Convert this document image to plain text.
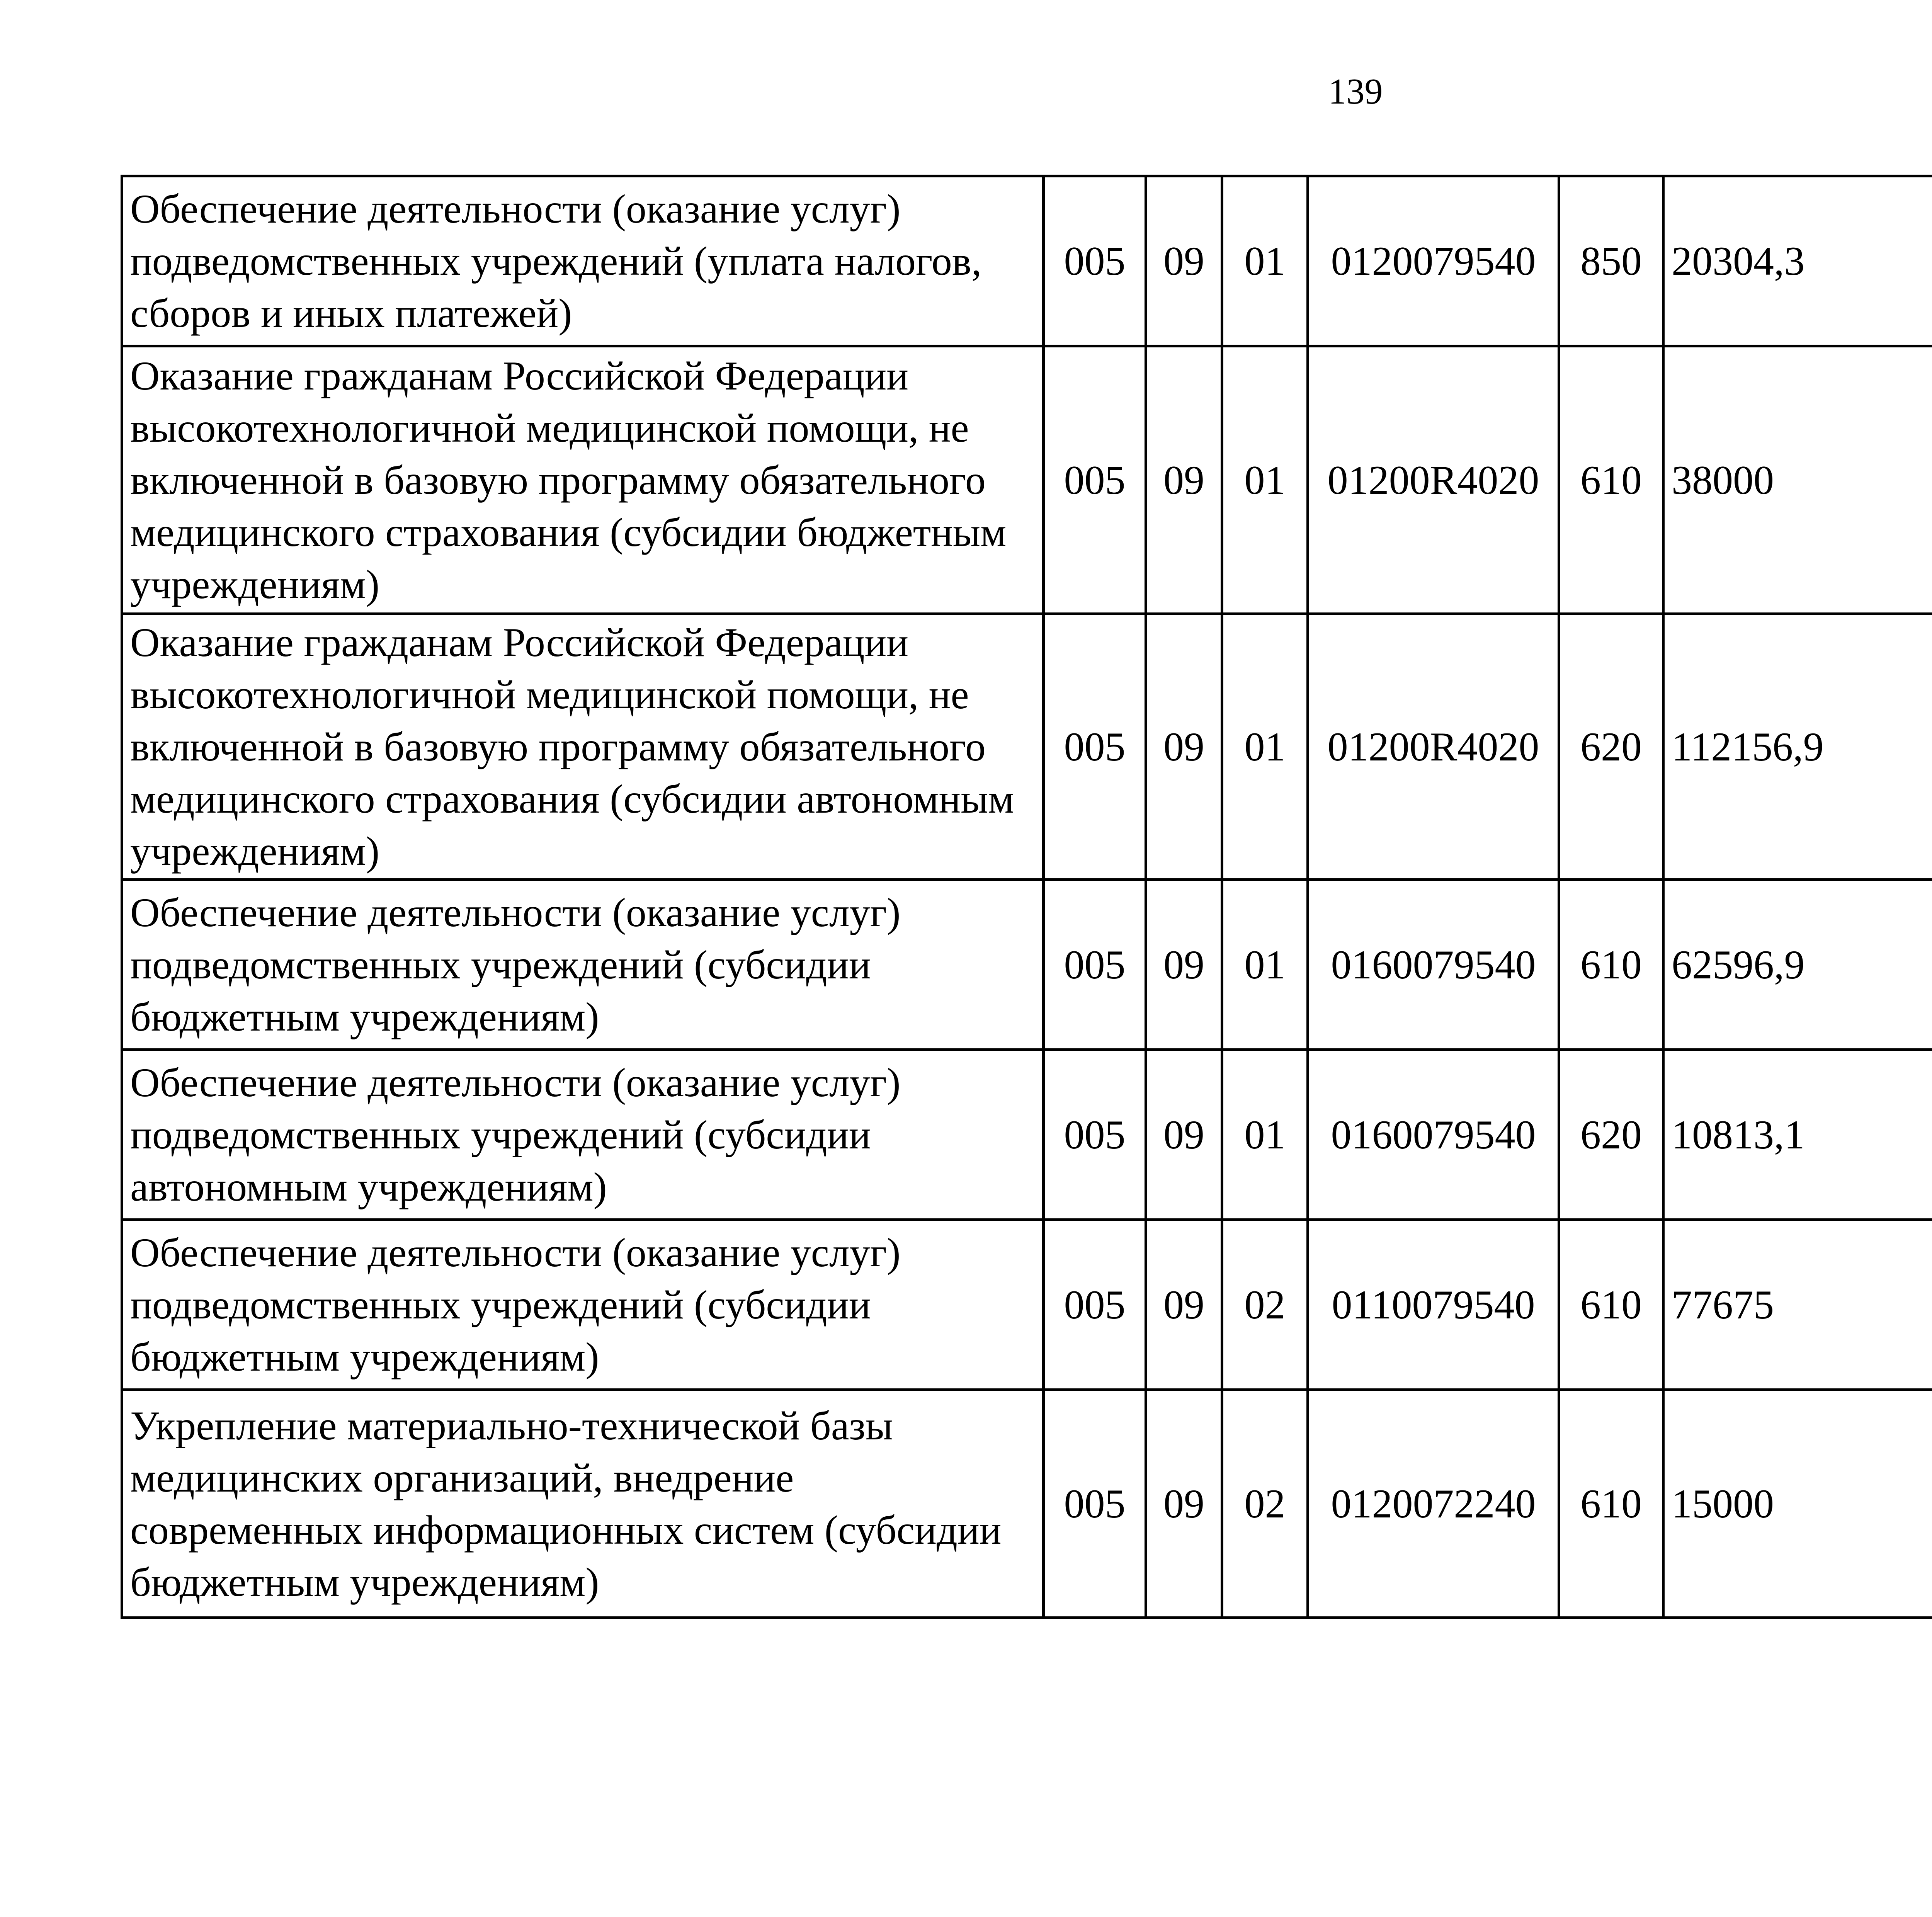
139
Обеспечение деятельности (оказание услуг) подведомственных учреждений (уплата налогов, сборов и иных платежей)	005	09	01	0120079540	850	20304,3		
Оказание гражданам Российской Федерации высокотехнологичной медицинской помощи, не включенной в базовую программу обязательного медицинского страхования (субсидии бюджетным учреждениям)	005	09	01	01200R4020	610	38000		
Оказание гражданам Российской Федерации высокотехнологичной медицинской помощи, не включенной в базовую программу обязательного медицинского страхования (субсидии автономным учреждениям)	005	09	01	01200R4020	620	112156,9		
Обеспечение деятельности (оказание услуг) подведомственных учреждений (субсидии бюджетным учреждениям)	005	09	01	0160079540	610	62596,9		
Обеспечение деятельности (оказание услуг) подведомственных учреждений (субсидии автономным учреждениям)	005	09	01	0160079540	620	10813,1		
Обеспечение деятельности (оказание услуг) подведомственных учреждений (субсидии бюджетным учреждениям)	005	09	02	0110079540	610	77675		
Укрепление материально-технической базы медицинских организаций, внедрение современных информационных систем (субсидии бюджетным учреждениям)	005	09	02	0120072240	610	15000		
